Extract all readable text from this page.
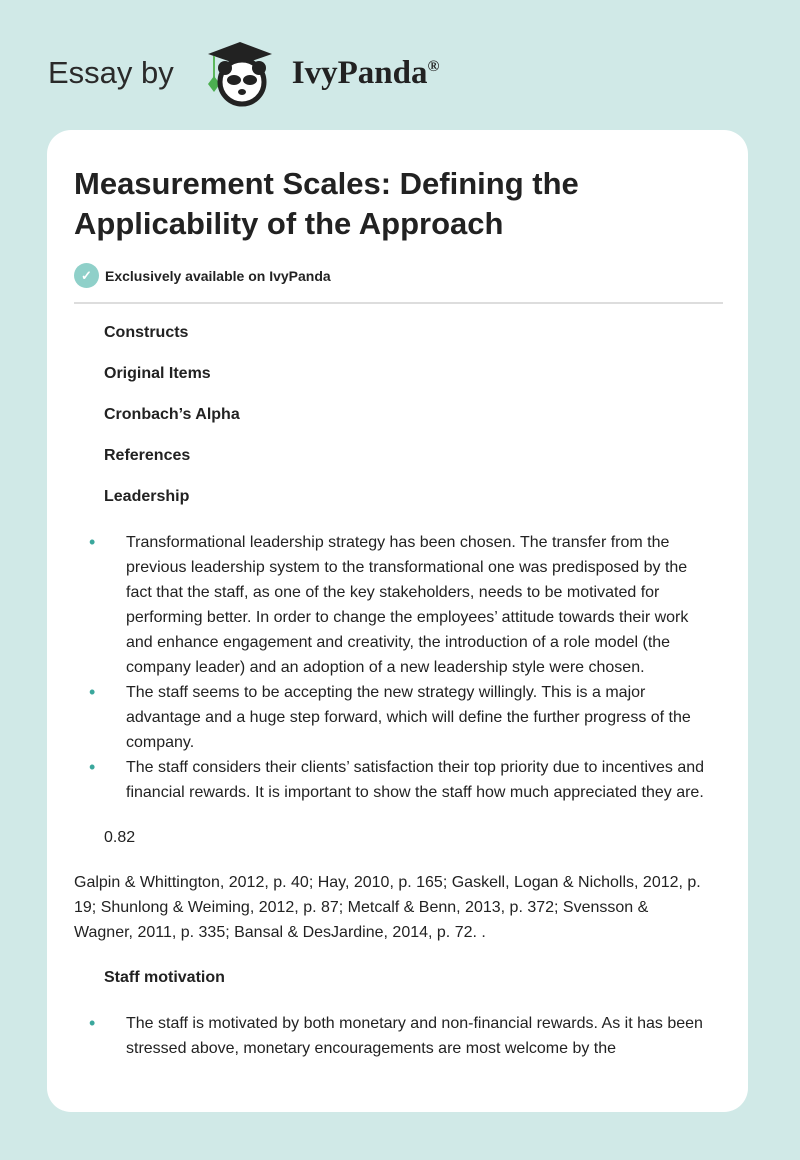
Essay by	IvyPanda®
Measurement Scales: Defining the Applicability of the Approach
✓ Exclusively available on IvyPanda

Constructs

Original Items

Cronbach’s Alpha

References

Leadership

• Transformational leadership strategy has been chosen. The transfer from the previous leadership system to the transformational one was predisposed by the fact that the staff, as one of the key stakeholders, needs to be motivated for performing better. In order to change the employees’ attitude towards their work and enhance engagement and creativity, the introduction of a role model (the company leader) and an adoption of a new leadership style were chosen.
• The staff seems to be accepting the new strategy willingly. This is a major advantage and a huge step forward, which will define the further progress of the company.
• The staff considers their clients’ satisfaction their top priority due to incentives and financial rewards. It is important to show the staff how much appreciated they are.

0.82

Galpin & Whittington, 2012, p. 40; Hay, 2010, p. 165; Gaskell, Logan & Nicholls, 2012, p. 19; Shunlong & Weiming, 2012, p. 87; Metcalf & Benn, 2013, p. 372; Svensson & Wagner, 2011, p. 335; Bansal & DesJardine, 2014, p. 72. .

Staff motivation

• The staff is motivated by both monetary and non-financial rewards. As it has been stressed above, monetary encouragements are most welcome by the
